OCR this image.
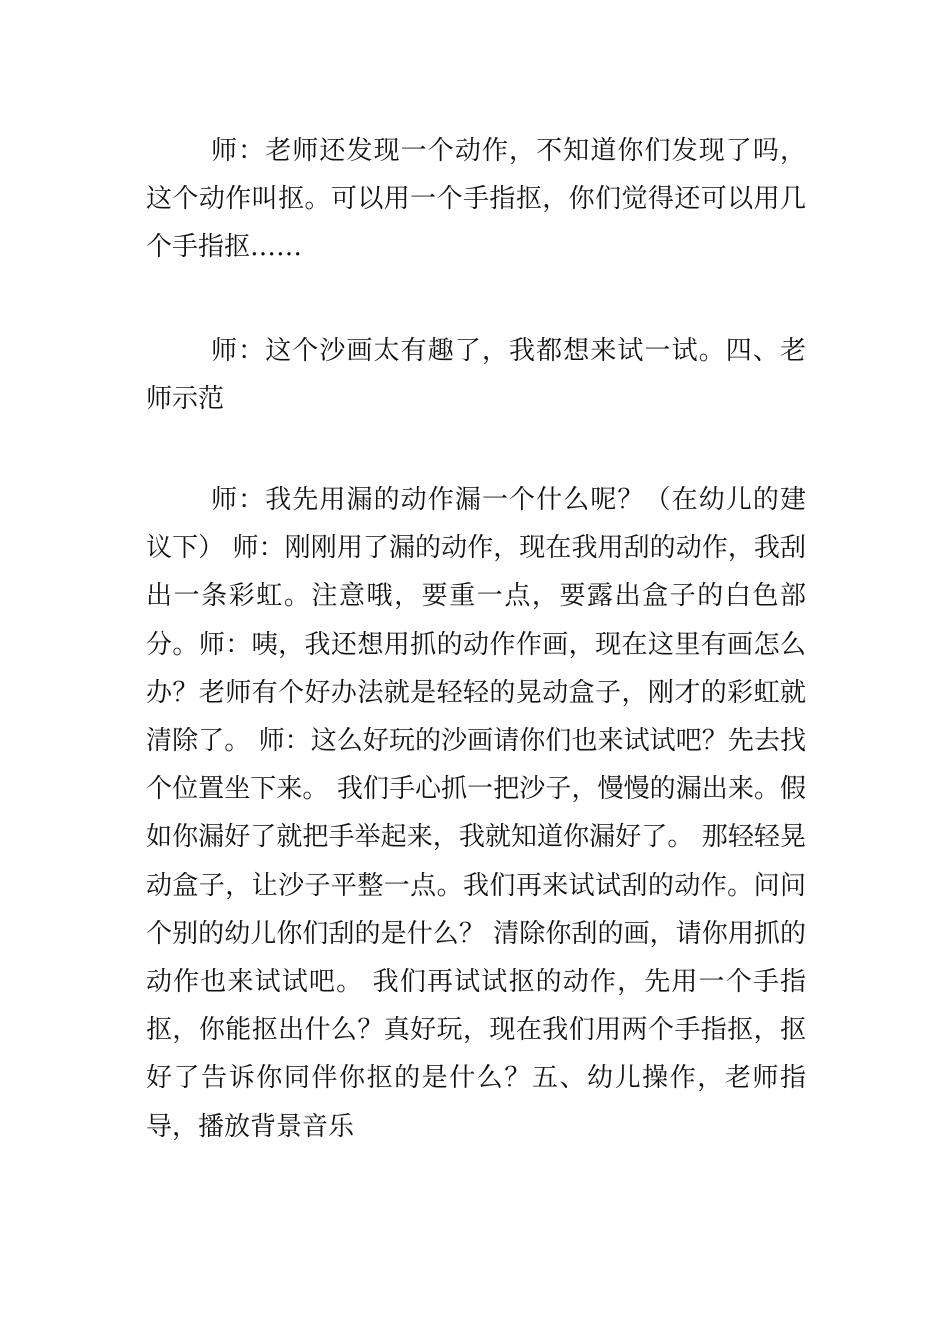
师：老师还发现一个动作，不知道你们发现了吗，这个动作叫抠。可以用一个手指抠，你们觉得还可以用几个手指抠……

师：这个沙画太有趣了，我都想来试一试。四、老师示范

师：我先用漏的动作漏一个什么呢？（在幼儿的建议下） 师：刚刚用了漏的动作，现在我用刮的动作，我刮出一条彩虹。注意哦，要重一点，要露出盒子的白色部分。师：咦，我还想用抓的动作作画，现在这里有画怎么办？老师有个好办法就是轻轻的晃动盒子，刚才的彩虹就清除了。 师：这么好玩的沙画请你们也来试试吧？先去找个位置坐下来。 我们手心抓一把沙子，慢慢的漏出来。假如你漏好了就把手举起来，我就知道你漏好了。 那轻轻晃动盒子，让沙子平整一点。我们再来试试刮的动作。问问个别的幼儿你们刮的是什么？ 清除你刮的画，请你用抓的动作也来试试吧。 我们再试试抠的动作，先用一个手指抠，你能抠出什么？真好玩，现在我们用两个手指抠，抠好了告诉你同伴你抠的是什么？五、幼儿操作，老师指导，播放背景音乐
